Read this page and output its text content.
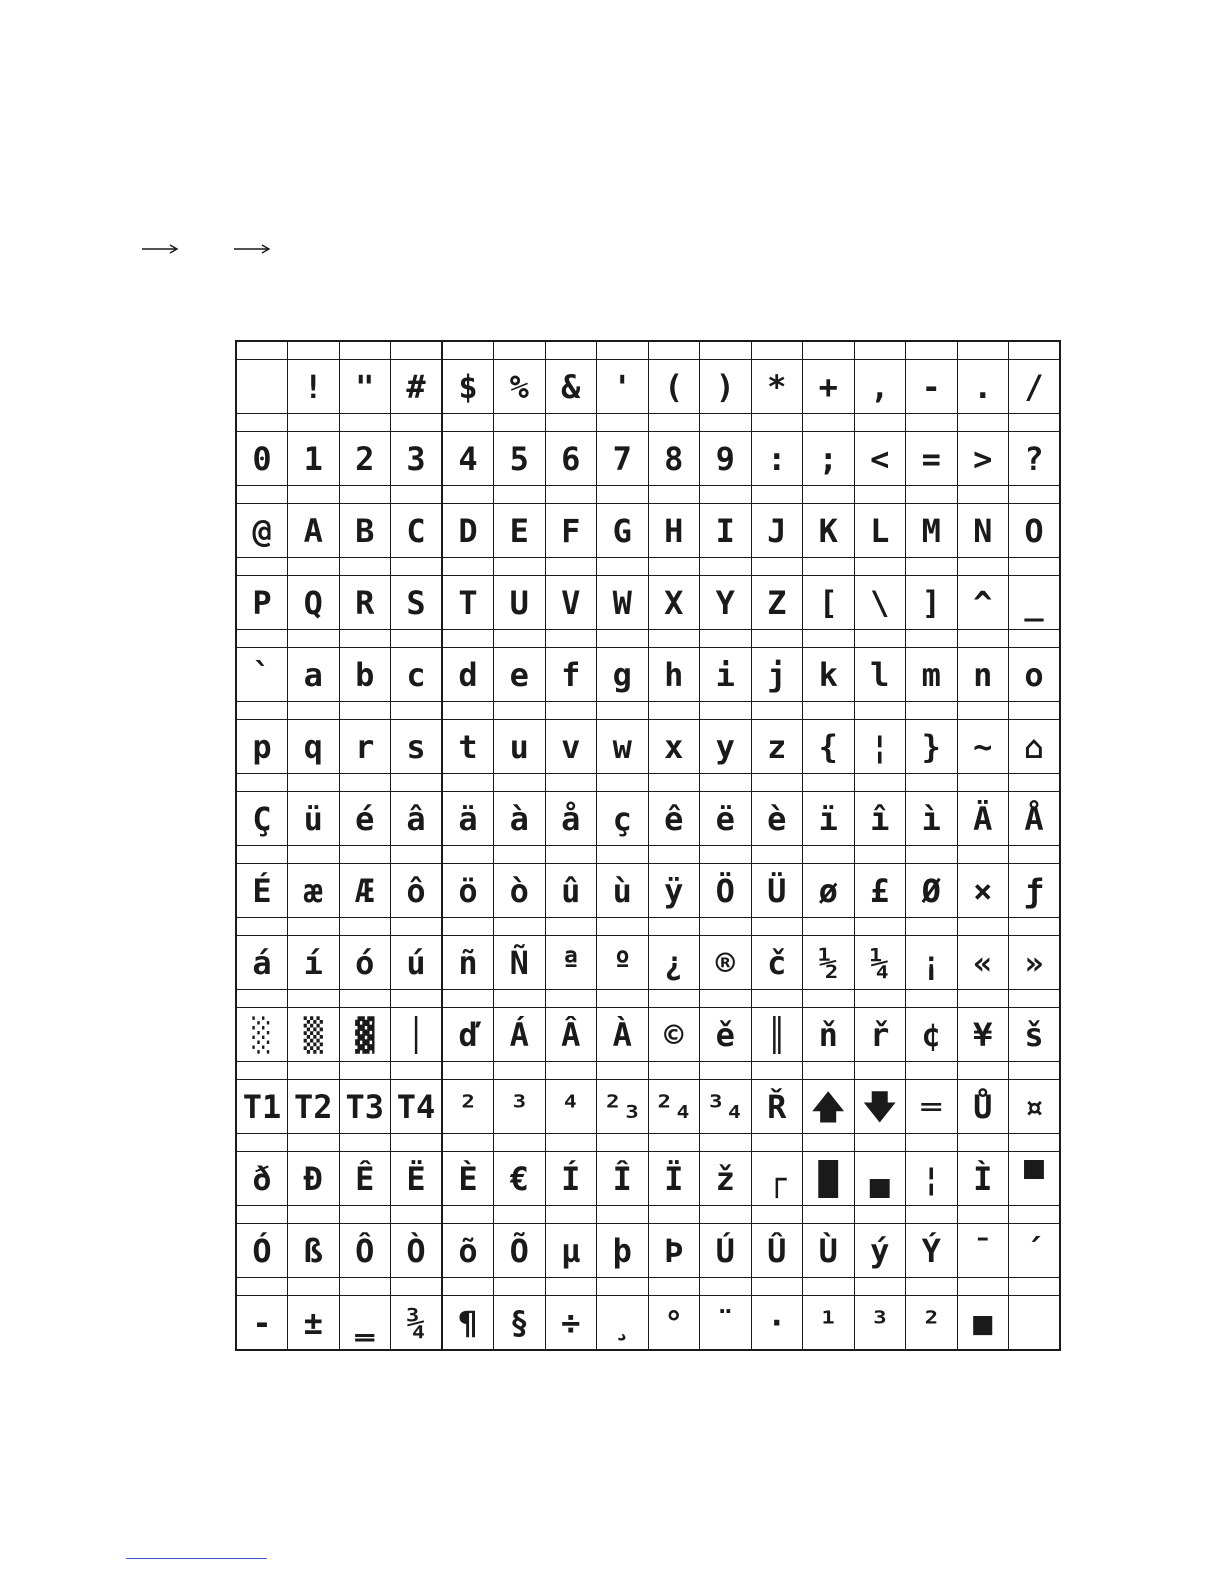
	!	"	#	$	%	&	'	(	)	*	+	,	-	.	/

0	1	2	3	4	5	6	7	8	9	:	;	<	=	>	?

@	A	B	C	D	E	F	G	H	I	J	K	L	M	N	O

P	Q	R	S	T	U	V	W	X	Y	Z	[	\	]	^	_

`	a	b	c	d	e	f	g	h	i	j	k	l	m	n	o

p	q	r	s	t	u	v	w	x	y	z	{	¦	}	~	⌂

Ç	ü	é	â	ä	à	å	ç	ê	ë	è	ï	î	ì	Ä	Å

É	æ	Æ	ô	ö	ò	û	ù	ÿ	Ö	Ü	ø	£	Ø	×	ƒ

á	í	ó	ú	ñ	Ñ	ª	º	¿	®	č	½	¼	¡	«	»

░	▒	▓	│	ď	Á	Â	À	©	ě	║	ň	ř	¢	¥	š

T1	T2	T3	T4	²	³	⁴	²₃	²₄	³₄	Ř	🡅	🡇	═	Ů	¤

ð	Đ	Ê	Ë	È	€	Í	Î	Ï	ž	┌	█	▄	¦	Ì	▀

Ó	ß	Ô	Ò	õ	Õ	µ	þ	Þ	Ú	Û	Ù	ý	Ý	¯	´

-	±	‗	¾	¶	§	÷	¸	°	¨	·	¹	³	²	■	
